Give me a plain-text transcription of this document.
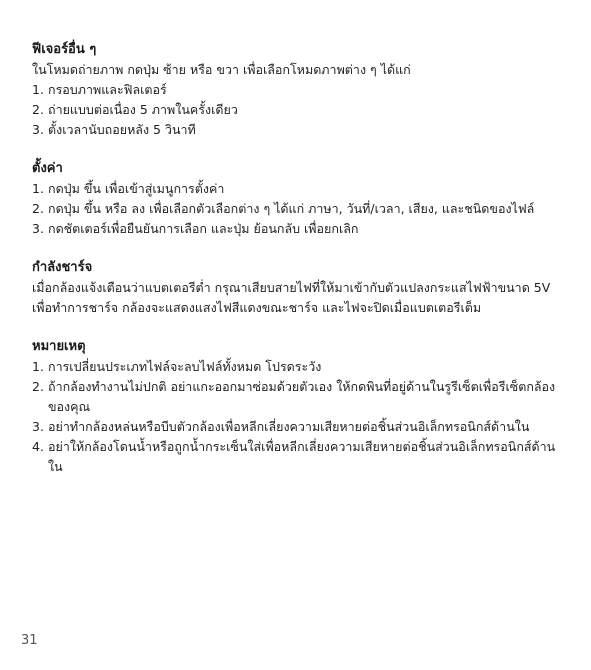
ฟีเจอร์อื่น ๆ
ในโหมดถ่ายภาพ กดปุ่ม ซ้าย หรือ ขวา เพื่อเลือกโหมดภาพต่าง ๆ ได้แก่
1. กรอบภาพและฟิลเตอร์
2. ถ่ายแบบต่อเนื่อง 5 ภาพในครั้งเดียว
3. ตั้งเวลานับถอยหลัง 5 วินาที
ตั้งค่า
1. กดปุ่ม ขึ้น เพื่อเข้าสู่เมนูการตั้งค่า
2. กดปุ่ม ขึ้น หรือ ลง เพื่อเลือกตัวเลือกต่าง ๆ ได้แก่ ภาษา, วันที่/เวลา, เสียง, และชนิดของไฟล์
3. กดชัตเตอร์เพื่อยืนยันการเลือก และปุ่ม ย้อนกลับ เพื่อยกเลิก
กำลังชาร์จ
เมื่อกล้องแจ้งเตือนว่าแบตเตอรีต่ำ กรุณาเสียบสายไฟที่ให้มาเข้ากับตัวแปลงกระแสไฟฟ้าขนาด 5V เพื่อทำการชาร์จ กล้องจะแสดงแสงไฟสีแดงขณะชาร์จ และไฟจะปิดเมื่อแบตเตอรีเต็ม
หมายเหตุ
1. การเปลี่ยนประเภทไฟล์จะลบไฟล์ทั้งหมด โปรดระวัง
2. ถ้ากล้องทำงานไม่ปกติ อย่าแกะออกมาซ่อมด้วยตัวเอง ให้กดพินที่อยู่ด้านในรูรีเซ็ตเพื่อรีเซ็ตกล้องของคุณ
3. อย่าทำกล้องหล่นหรือบีบตัวกล้องเพื่อหลีกเลี่ยงความเสียหายต่อชิ้นส่วนอิเล็กทรอนิกส์ด้านใน
4. อย่าให้กล้องโดนน้ำหรือถูกน้ำกระเซ็นใส่เพื่อหลีกเลี่ยงความเสียหายต่อชิ้นส่วนอิเล็กทรอนิกส์ด้านใน
31
